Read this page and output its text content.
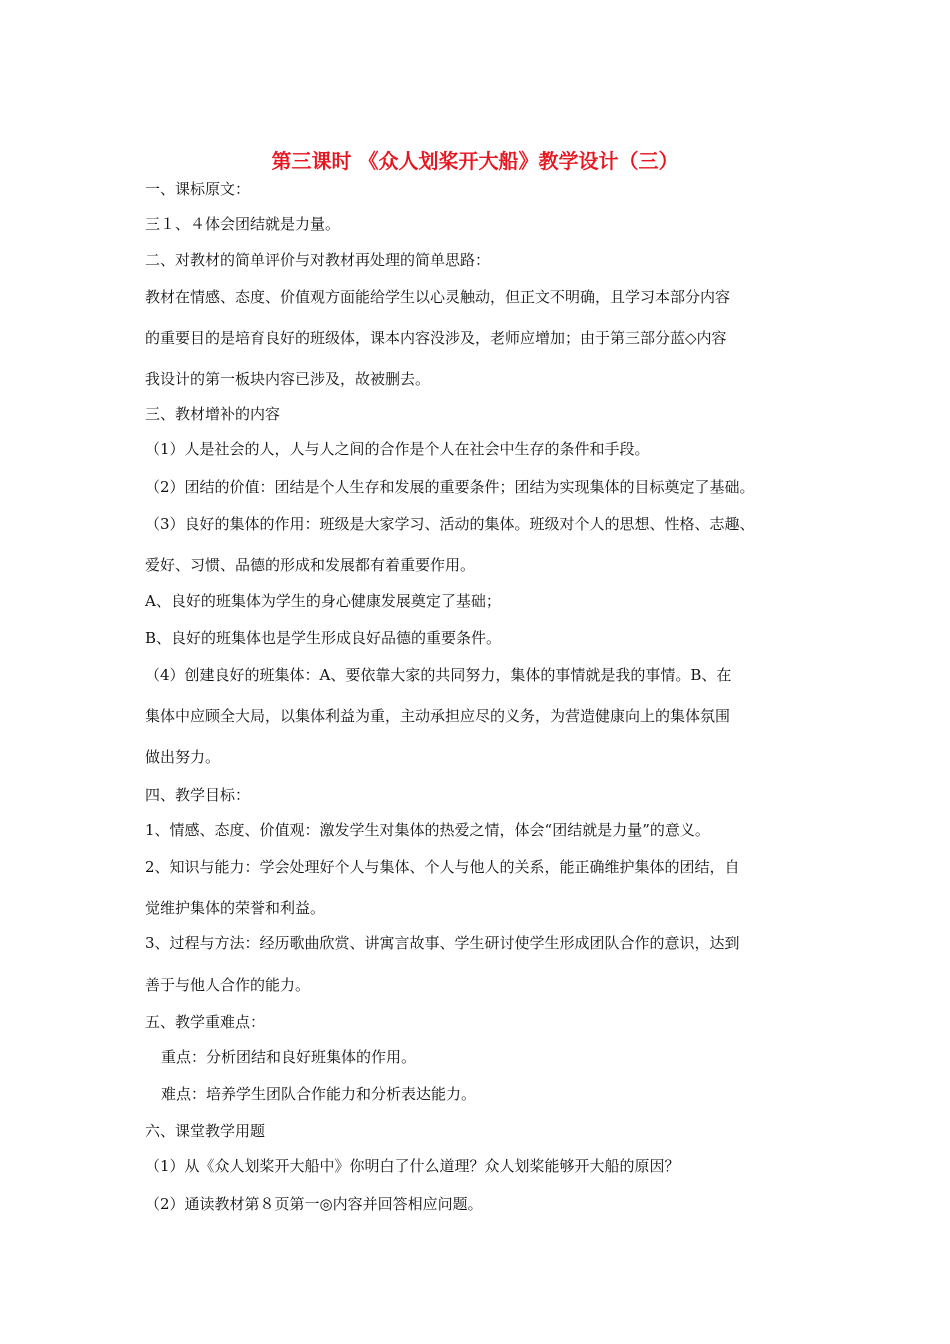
第三课时 《众人划桨开大船》教学设计（三）
一、课标原文：
三１、４体会团结就是力量。
二、对教材的简单评价与对教材再处理的简单思路：
教材在情感、态度、价值观方面能给学生以心灵触动，但正文不明确，且学习本部分内容
的重要目的是培育良好的班级体，课本内容没涉及，老师应增加；由于第三部分蓝◇内容
我设计的第一板块内容已涉及，故被删去。
三、教材增补的内容
（1）人是社会的人，人与人之间的合作是个人在社会中生存的条件和手段。
（2）团结的价值：团结是个人生存和发展的重要条件；团结为实现集体的目标奠定了基础。
（3）良好的集体的作用：班级是大家学习、活动的集体。班级对个人的思想、性格、志趣、
爱好、习惯、品德的形成和发展都有着重要作用。
A、良好的班集体为学生的身心健康发展奠定了基础；
B、良好的班集体也是学生形成良好品德的重要条件。
（4）创建良好的班集体：A、要依靠大家的共同努力，集体的事情就是我的事情。B、在
集体中应顾全大局，以集体利益为重，主动承担应尽的义务，为营造健康向上的集体氛围
做出努力。
四、教学目标：
1、情感、态度、价值观：激发学生对集体的热爱之情，体会“团结就是力量”的意义。
2、知识与能力：学会处理好个人与集体、个人与他人的关系，能正确维护集体的团结，自
觉维护集体的荣誉和利益。
3、过程与方法：经历歌曲欣赏、讲寓言故事、学生研讨使学生形成团队合作的意识，达到
善于与他人合作的能力。
五、教学重难点：
重点：分析团结和良好班集体的作用。
难点：培养学生团队合作能力和分析表达能力。
六、课堂教学用题
（1）从《众人划桨开大船中》你明白了什么道理？众人划桨能够开大船的原因？
（2）通读教材第８页第一◎内容并回答相应问题。
